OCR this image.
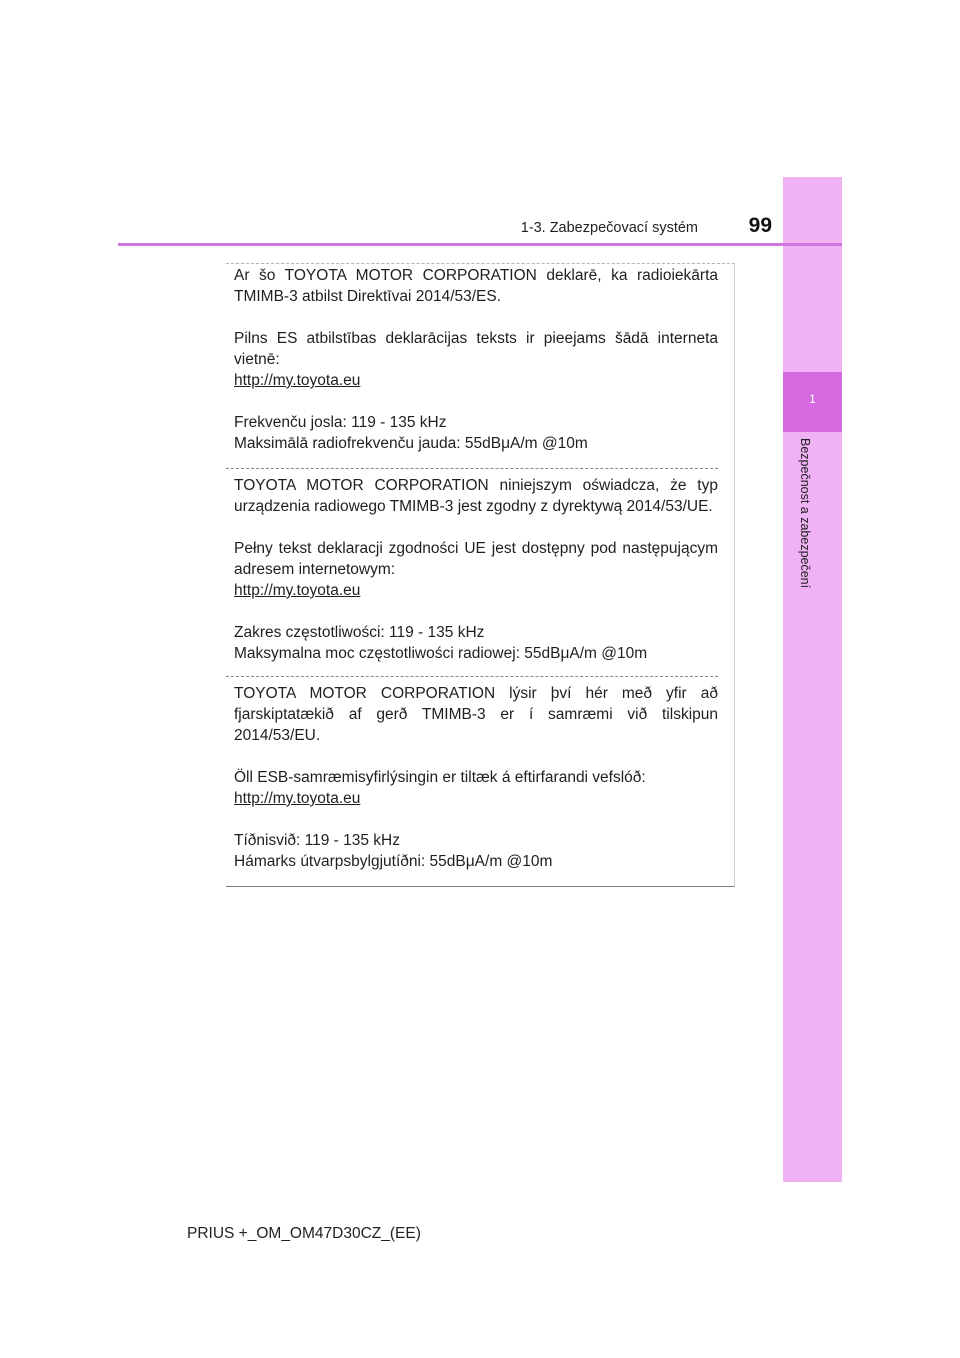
1
Bezpečnost a zabezpečení
1-3. Zabezpečovací systém	99

Ar šo TOYOTA MOTOR CORPORATION deklarē, ka radioiekārta TMIMB-3 atbilst Direktīvai 2014/53/ES.

Pilns ES atbilstības deklarācijas teksts ir pieejams šādā interneta vietnē:
http://my.toyota.eu

Frekvenču josla: 119 - 135 kHz
Maksimālā radiofrekvenču jauda: 55dBμA/m @10m

TOYOTA MOTOR CORPORATION niniejszym oświadcza, że typ urządzenia radiowego TMIMB-3 jest zgodny z dyrektywą 2014/53/UE.

Pełny tekst deklaracji zgodności UE jest dostępny pod następującym adresem internetowym:
http://my.toyota.eu

Zakres częstotliwości: 119 - 135 kHz
Maksymalna moc częstotliwości radiowej: 55dBμA/m @10m

TOYOTA MOTOR CORPORATION lýsir því hér með yfir að fjarskiptatækið af gerð TMIMB-3 er í samræmi við tilskipun 2014/53/EU.

Öll ESB-samræmisyfirlýsingin er tiltæk á eftirfarandi vefslóð:
http://my.toyota.eu

Tíðnisvið: 119 - 135 kHz
Hámarks útvarpsbylgjutíðni: 55dBμA/m @10m

PRIUS +_OM_OM47D30CZ_(EE)
